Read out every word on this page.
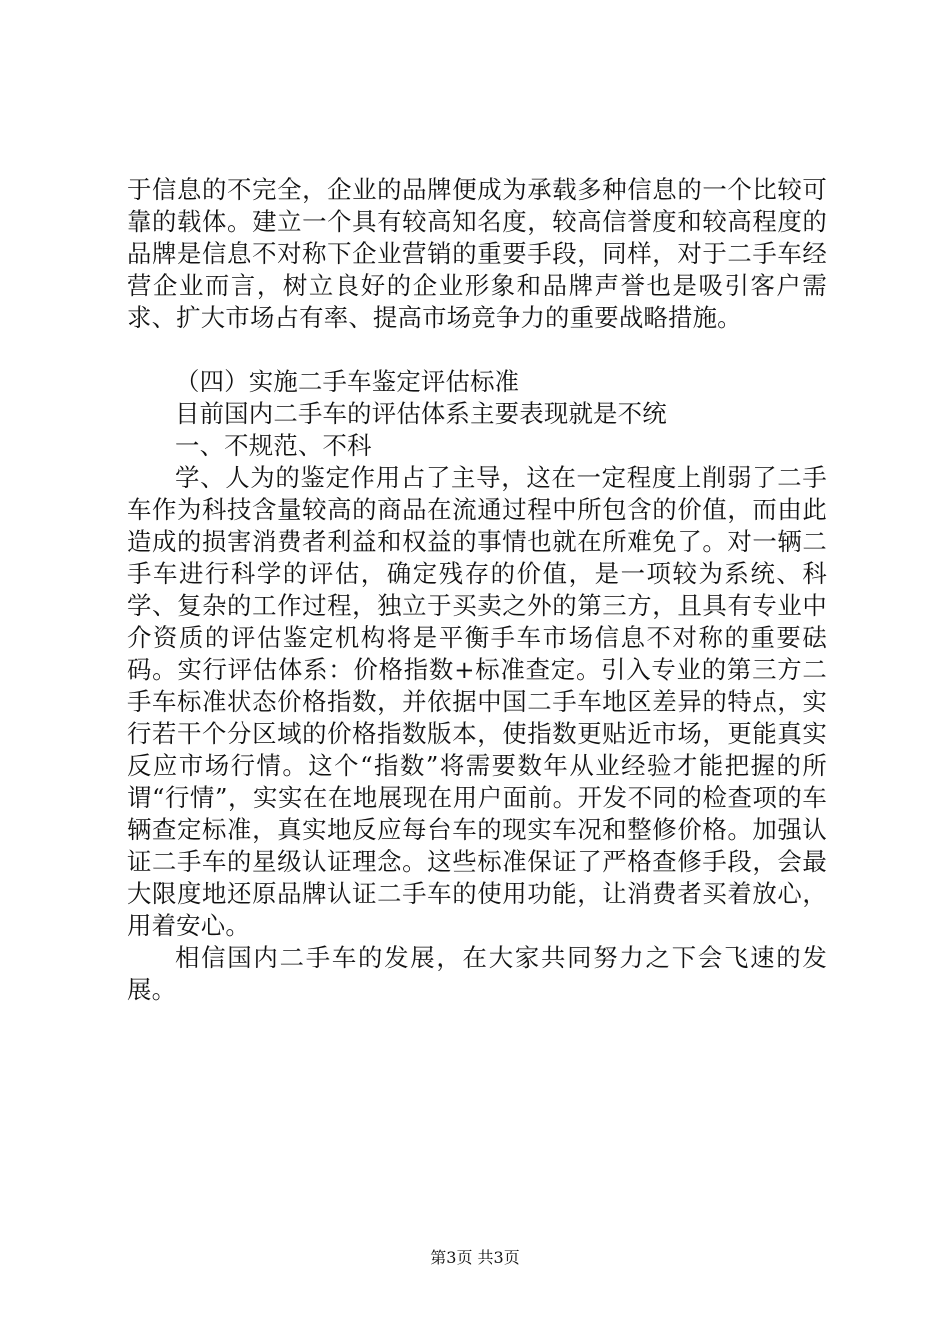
于信息的不完全，企业的品牌便成为承载多种信息的一个比较可靠的载体。建立一个具有较高知名度，较高信誉度和较高程度的品牌是信息不对称下企业营销的重要手段，同样，对于二手车经营企业而言，树立良好的企业形象和品牌声誉也是吸引客户需求、扩大市场占有率、提高市场竞争力的重要战略措施。

（四）实施二手车鉴定评估标准

目前国内二手车的评估体系主要表现就是不统

一、不规范、不科

学、人为的鉴定作用占了主导，这在一定程度上削弱了二手车作为科技含量较高的商品在流通过程中所包含的价值，而由此造成的损害消费者利益和权益的事情也就在所难免了。对一辆二手车进行科学的评估，确定残存的价值，是一项较为系统、科学、复杂的工作过程，独立于买卖之外的第三方，且具有专业中介资质的评估鉴定机构将是平衡手车市场信息不对称的重要砝码。实行评估体系：价格指数+标准查定。引入专业的第三方二手车标准状态价格指数，并依据中国二手车地区差异的特点，实行若干个分区域的价格指数版本，使指数更贴近市场，更能真实反应市场行情。这个“指数”将需要数年从业经验才能把握的所谓“行情”，实实在在地展现在用户面前。开发不同的检查项的车辆查定标准，真实地反应每台车的现实车况和整修价格。加强认证二手车的星级认证理念。这些标准保证了严格查修手段，会最大限度地还原品牌认证二手车的使用功能，让消费者买着放心，用着安心。

相信国内二手车的发展，在大家共同努力之下会飞速的发展。

第3页 共3页
